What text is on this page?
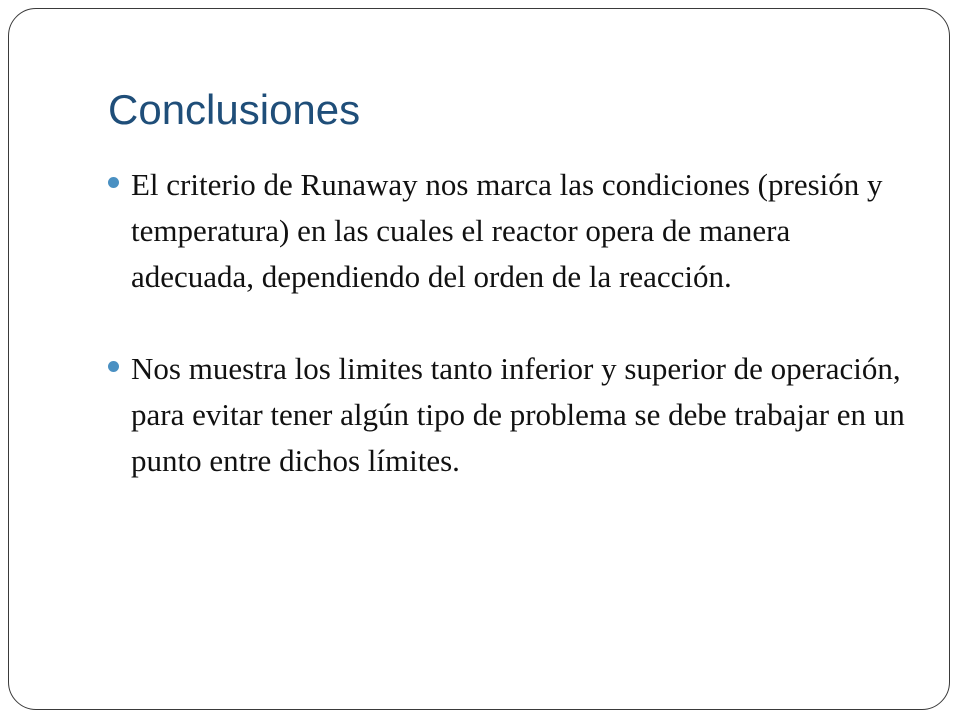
Conclusiones
El criterio de Runaway nos marca las condiciones (presión y temperatura) en las cuales el reactor opera de manera adecuada, dependiendo del orden de la reacción.
Nos muestra los limites tanto inferior y superior de operación, para evitar tener algún tipo de problema se debe trabajar en un punto entre dichos límites.
